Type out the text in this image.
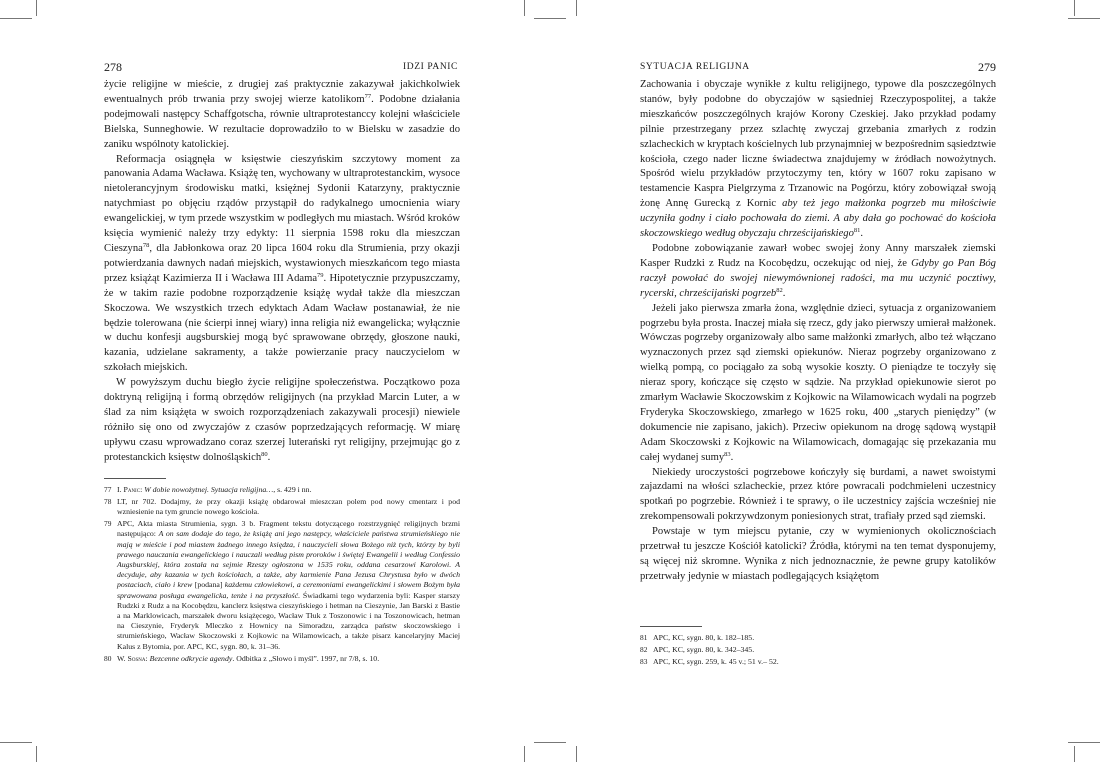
278	IDZI PANIC

życie religijne w mieście, z drugiej zaś praktycznie zakazywał jakichkolwiek ewentualnych prób trwania przy swojej wierze katolikom$^{77}$. Podobne działania podejmowali następcy Schaffgotscha, równie ultraprotestanccy kolejni właściciele Bielska, Sunneghowie. W rezultacie doprowadziło to w Bielsku w zasadzie do zaniku wspólnoty katolickiej.

Reformacja osiągnęła w księstwie cieszyńskim szczytowy moment za panowania Adama Wacława. Książę ten, wychowany w ultraprotestanckim, wysoce nietolerancyjnym środowisku matki, księżnej Sydonii Katarzyny, praktycznie natychmiast po objęciu rządów przystąpił do radykalnego umocnienia wiary ewangelickiej, w tym przede wszystkim w podległych mu miastach. Wśród kroków księcia wymienić należy trzy edykty: 11 sierpnia 1598 roku dla mieszczan Cieszyna$^{78}$, dla Jabłonkowa oraz 20 lipca 1604 roku dla Strumienia, przy okazji potwierdzania dawnych nadań miejskich, wystawionych mieszkańcom tego miasta przez książąt Kazimierza II i Wacława III Adama$^{79}$. Hipotetycznie przypuszczamy, że w takim razie podobne rozporządzenie książę wydał także dla mieszczan Skoczowa. We wszystkich trzech edyktach Adam Wacław postanawiał, że nie będzie tolerowana (nie ścierpi innej wiary) inna religia niż ewangelicka; wyłącznie w duchu konfesji augsburskiej mogą być sprawowane obrzędy, głoszone nauki, kazania, udzielane sakramenty, a także powierzanie pracy nauczycielom w szkołach miejskich.

W powyższym duchu biegło życie religijne społeczeństwa. Początkowo poza doktryną religijną i formą obrzędów religijnych (na przykład Marcin Luter, a w ślad za nim książęta w swoich rozporządzeniach zakazywali procesji) niewiele różniło się ono od zwyczajów z czasów poprzedzających reformację. W miarę upływu czasu wprowadzano coraz szerzej luterański ryt religijny, przejmując go z protestanckich księstw dolnośląskich$^{80}$.

77 I. Panic: W dobie nowożytnej. Sytuacja religijna…, s. 429 i nn.
78 LT, nr 702. Dodajmy, że przy okazji książę obdarował mieszczan polem pod nowy cmentarz i pod wzniesienie na tym gruncie nowego kościoła.
79 APC, Akta miasta Strumienia, sygn. 3 b. Fragment tekstu dotyczącego rozstrzygnięć religijnych brzmi następująco: A on sam dodaje do tego, że książę ani jego następcy, właściciele państwa strumieńskiego nie mają w mieście i pod miastem żadnego innego księdza, i nauczycieli słowa Bożego niż tych, którzy by byli prawego nauczania ewangelickiego i nauczali według pism proroków i świętej Ewangelii i według Confessio Augsburskiej, która została na sejmie Rzeszy ogłoszona w 1535 roku, oddana cesarzowi Karolowi. A decyduje, aby kazania w tych kościołach, a także, aby karmienie Pana Jezusa Chrystusa było w dwóch postaciach, ciało i krew [podana] każdemu człowiekowi, a ceremoniami ewangelickimi i słowem Bożym była sprawowana posługa ewangelicka, tenże i na przyszłość. Świadkami tego wydarzenia byli: Kasper starszy Rudzki z Rudz a na Kocobędzu, kanclerz księstwa cieszyńskiego i hetman na Cieszynie, Jan Barski z Bastie a na Marklowicach, marszałek dworu książęcego, Wacław Tłuk z Toszonowic i na Toszonowicach, hetman na Cieszynie, Fryderyk Mleczko z Hownicy na Simoradzu, zarządca państw skoczowskiego i strumieńskiego, Wacław Skoczowski z Kojkowic na Wilamowicach, a także pisarz kancelaryjny Maciej Kalus z Bytomia, por. APC, KC, sygn. 80, k. 31–36.
80 W. Sosna: Bezcenne odkrycie agendy. Odbitka z „Słowo i myśl”. 1997, nr 7/8, s. 10.
SYTUACJA RELIGIJNA	279

Zachowania i obyczaje wynikłe z kultu religijnego, typowe dla poszczególnych stanów, były podobne do obyczajów w sąsiedniej Rzeczypospolitej, a także mieszkańców poszczególnych krajów Korony Czeskiej. Jako przykład podamy pilnie przestrzegany przez szlachtę zwyczaj grzebania zmarłych z rodzin szlacheckich w kryptach kościelnych lub przynajmniej w bezpośrednim sąsiedztwie kościoła, czego nader liczne świadectwa znajdujemy w źródłach nowożytnych. Spośród wielu przykładów przytoczymy ten, który w 1607 roku zapisano w testamencie Kaspra Pielgrzyma z Trzanowic na Pogórzu, który zobowiązał swoją żonę Annę Gurecką z Kornic aby też jego małżonka pogrzeb mu miłościwie uczyniła godny i ciało pochowała do ziemi. A aby dała go pochować do kościoła skoczowskiego według obyczaju chrześcijańskiego$^{81}$.

Podobne zobowiązanie zawarł wobec swojej żony Anny marszałek ziemski Kasper Rudzki z Rudz na Kocobędzu, oczekując od niej, że Gdyby go Pan Bóg raczył powołać do swojej niewymównionej radości, ma mu uczynić pocztiwy, rycerski, chrześcijański pogrzeb$^{82}$.

Jeżeli jako pierwsza zmarła żona, względnie dzieci, sytuacja z organizowaniem pogrzebu była prosta. Inaczej miała się rzecz, gdy jako pierwszy umierał małżonek. Wówczas pogrzeby organizowały albo same małżonki zmarłych, albo też włączano wyznaczonych przez sąd ziemski opiekunów. Nieraz pogrzeby organizowano z wielką pompą, co pociągało za sobą wysokie koszty. O pieniądze te toczyły się nieraz spory, kończące się często w sądzie. Na przykład opiekunowie sierot po zmarłym Wacławie Skoczowskim z Kojkowic na Wilamowicach wydali na pogrzeb Fryderyka Skoczowskiego, zmarłego w 1625 roku, 400 „starych pieniędzy” (w dokumencie nie zapisano, jakich). Przeciw opiekunom na drogę sądową wystąpił Adam Skoczowski z Kojkowic na Wilamowicach, domagając się przekazania mu całej wydanej sumy$^{83}$.

Niekiedy uroczystości pogrzebowe kończyły się burdami, a nawet swoistymi zajazdami na włości szlacheckie, przez które powracali podchmieleni uczestnicy spotkań po pogrzebie. Również i te sprawy, o ile uczestnicy zajścia wcześniej nie zrekompensowali pokrzywdzonym poniesionych strat, trafiały przed sąd ziemski.

Powstaje w tym miejscu pytanie, czy w wymienionych okolicznościach przetrwał tu jeszcze Kościół katolicki? Źródła, którymi na ten temat dysponujemy, są więcej niż skromne. Wynika z nich jednoznacznie, że pewne grupy katolików przetrwały jedynie w miastach podlegających książętom

81 APC, KC, sygn. 80, k. 182–185.
82 APC, KC, sygn. 80, k. 342–345.
83 APC, KC, sygn. 259, k. 45 v.; 51 v.– 52.
